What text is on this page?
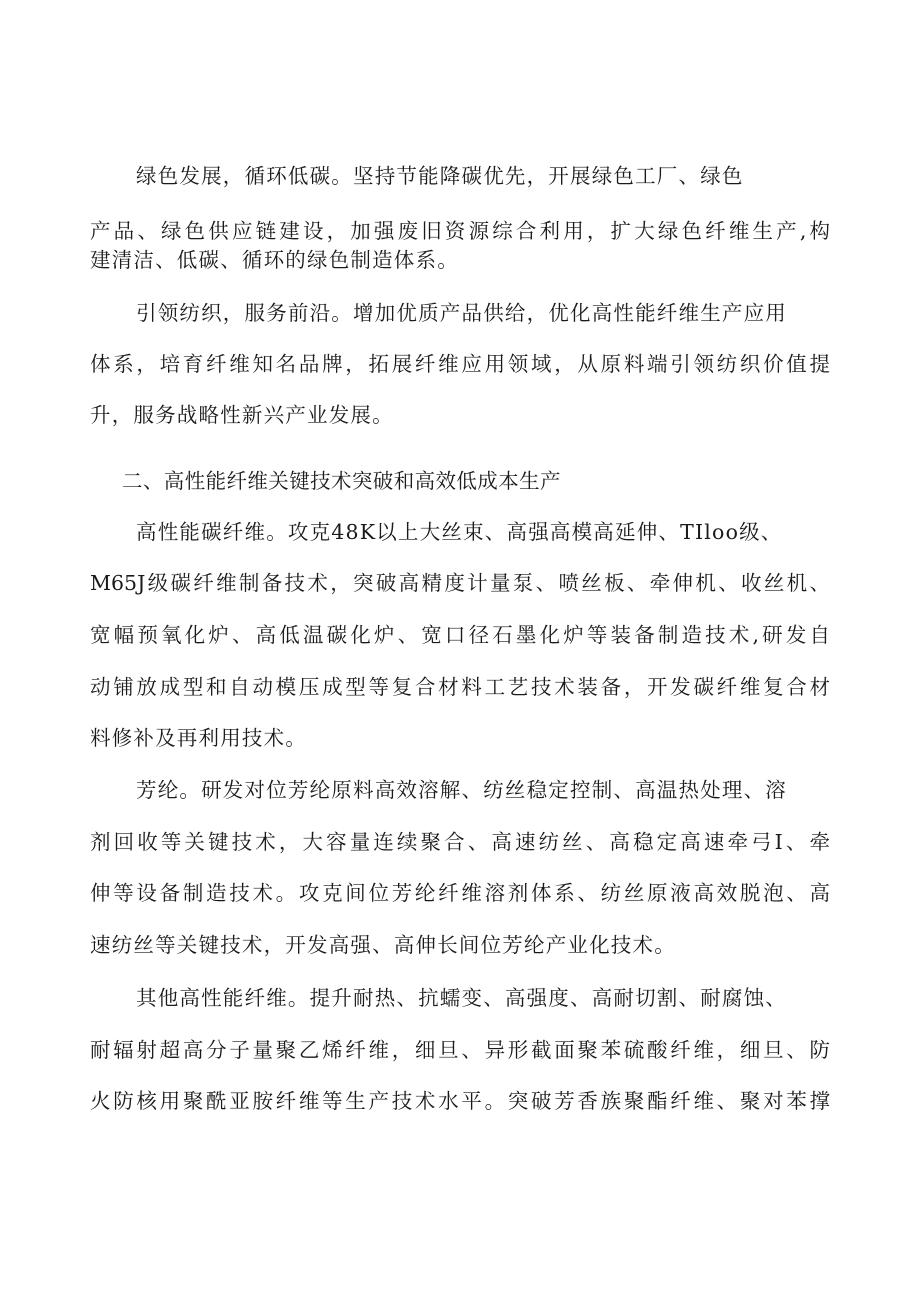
绿色发展，循环低碳。坚持节能降碳优先，开展绿色工厂、绿色

产品、绿色供应链建设，加强废旧资源综合利用，扩大绿色纤维生产,构

建清洁、低碳、循环的绿色制造体系。

引领纺织，服务前沿。增加优质产品供给，优化高性能纤维生产应用

体系，培育纤维知名品牌，拓展纤维应用领域，从原料端引领纺织价值提

升，服务战略性新兴产业发展。

二、高性能纤维关键技术突破和高效低成本生产

高性能碳纤维。攻克48K以上大丝束、高强高模高延伸、TIloo级、

M65J级碳纤维制备技术，突破高精度计量泵、喷丝板、牵伸机、收丝机、

宽幅预氧化炉、高低温碳化炉、宽口径石墨化炉等装备制造技术,研发自

动铺放成型和自动模压成型等复合材料工艺技术装备，开发碳纤维复合材

料修补及再利用技术。

芳纶。研发对位芳纶原料高效溶解、纺丝稳定控制、高温热处理、溶

剂回收等关键技术，大容量连续聚合、高速纺丝、高稳定高速牵弓I、牵

伸等设备制造技术。攻克间位芳纶纤维溶剂体系、纺丝原液高效脱泡、高

速纺丝等关键技术，开发高强、高伸长间位芳纶产业化技术。

其他高性能纤维。提升耐热、抗蠕变、高强度、高耐切割、耐腐蚀、

耐辐射超高分子量聚乙烯纤维，细旦、异形截面聚苯硫酸纤维，细旦、防

火防核用聚酰亚胺纤维等生产技术水平。突破芳香族聚酯纤维、聚对苯撑
